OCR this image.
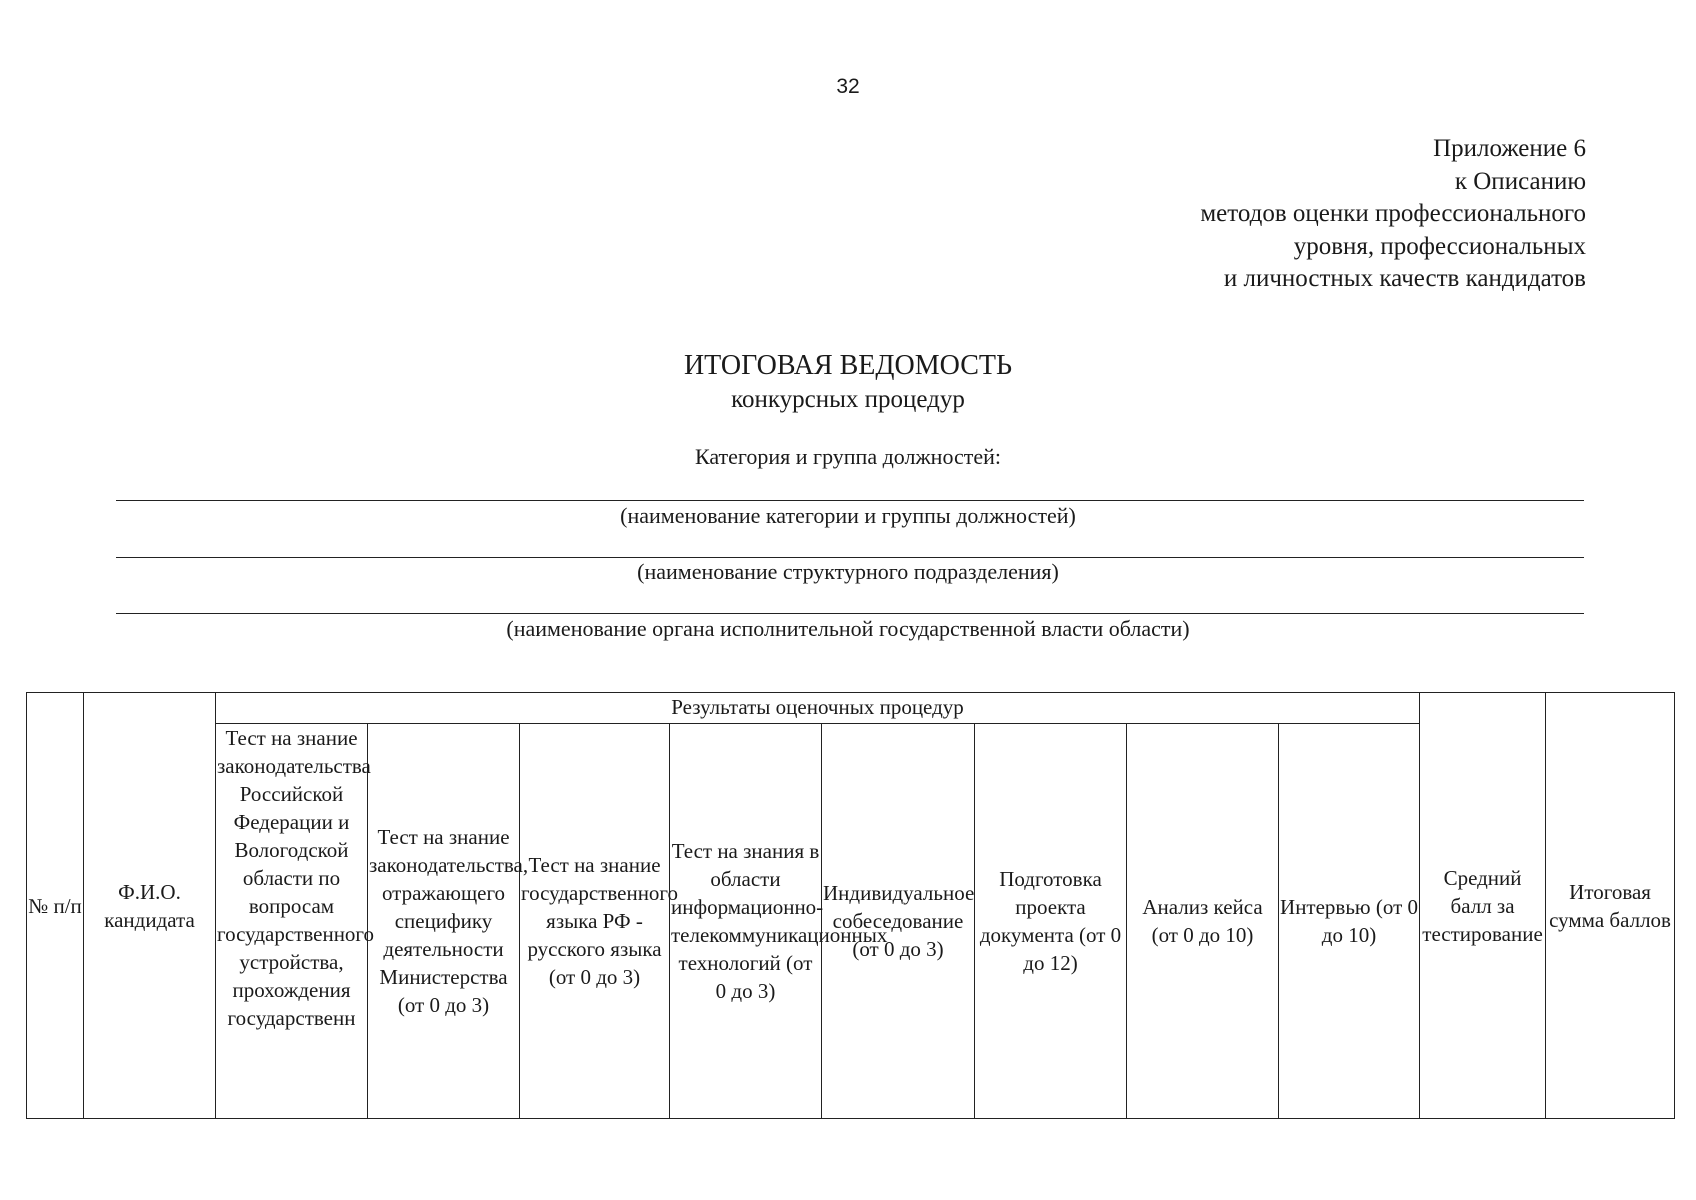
32
Приложение 6
к Описанию
методов оценки профессионального
уровня, профессиональных
и личностных качеств кандидатов
ИТОГОВАЯ ВЕДОМОСТЬ
конкурсных процедур
Категория и группа должностей:
(наименование категории и группы должностей)
(наименование структурного подразделения)
(наименование органа исполнительной государственной власти области)
№ п/п	Ф.И.О. кандидата	Результаты оценочных процедур								Средний балл за тестирование	Итоговая сумма баллов

		Тест на знание законодательства Российской Федерации и Вологодской области по вопросам государственного устройства, прохождения государственн	Тест на знание законодательства, отражающего специфику деятельности Министерства (от 0 до 3)	Тест на знание государственного языка РФ - русского языка (от 0 до 3)	Тест на знания в области информационно-телекоммуникационных технологий (от 0 до 3)	Индивидуальное собеседование (от 0 до 3)	Подготовка проекта документа (от 0 до 12)	Анализ кейса (от 0 до 10)	Интервью (от 0 до 10)		
